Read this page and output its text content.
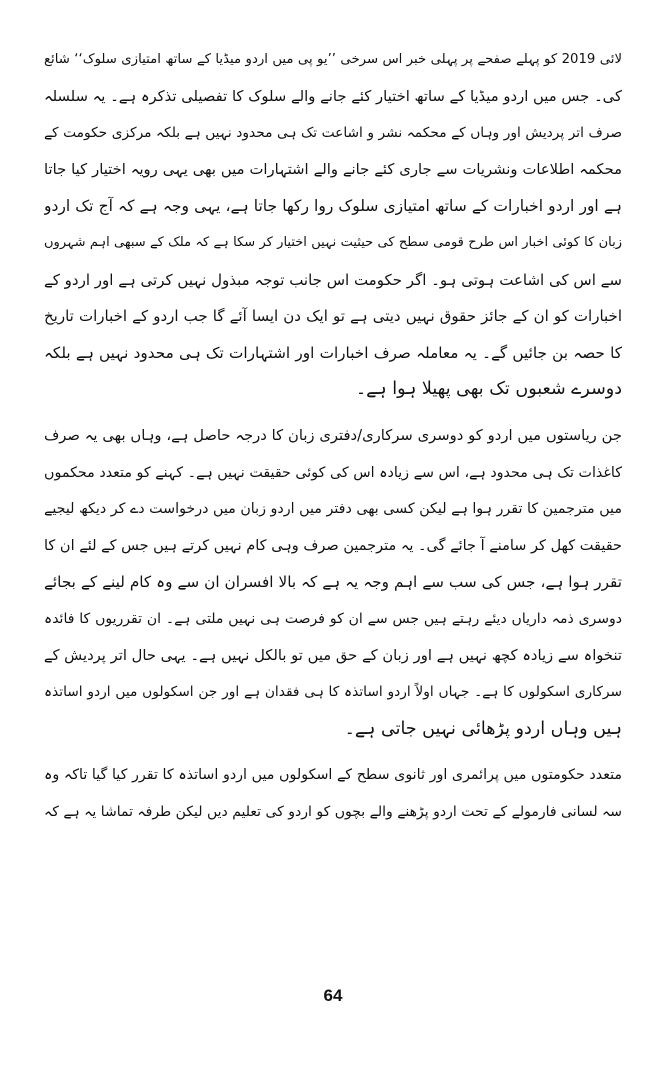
لائی 2019 کو پہلے صفحے پر پہلی خبر اس سرخی ’’یو پی میں اردو میڈیا کے ساتھ امتیازی سلوک‘‘ شائع
کی۔ جس میں اردو میڈیا کے ساتھ اختیار کئے جانے والے سلوک کا تفصیلی تذکرہ ہے۔ یہ سلسلہ
صرف اتر پردیش اور وہاں کے محکمہ نشر و اشاعت تک ہی محدود نہیں ہے بلکہ مرکزی حکومت کے
محکمہ اطلاعات ونشریات سے جاری کئے جانے والے اشتہارات میں بھی یہی رویہ اختیار کیا جاتا
ہے اور اردو اخبارات کے ساتھ امتیازی سلوک روا رکھا جاتا ہے، یہی وجہ ہے کہ آج تک اردو
زبان کا کوئی اخبار اس طرح قومی سطح کی حیثیت نہیں اختیار کر سکا ہے کہ ملک کے سبھی اہم شہروں
سے اس کی اشاعت ہوتی ہو۔ اگر حکومت اس جانب توجہ مبذول نہیں کرتی ہے اور اردو کے
اخبارات کو ان کے جائز حقوق نہیں دیتی ہے تو ایک دن ایسا آئے گا جب اردو کے اخبارات تاریخ
کا حصہ بن جائیں گے۔ یہ معاملہ صرف اخبارات اور اشتہارات تک ہی محدود نہیں ہے بلکہ
دوسرے شعبوں تک بھی پھیلا ہوا ہے۔
جن ریاستوں میں اردو کو دوسری سرکاری/دفتری زبان کا درجہ حاصل ہے، وہاں بھی یہ صرف
کاغذات تک ہی محدود ہے، اس سے زیادہ اس کی کوئی حقیقت نہیں ہے۔ کہنے کو متعدد محکموں
میں مترجمین کا تقرر ہوا ہے لیکن کسی بھی دفتر میں اردو زبان میں درخواست دے کر دیکھ لیجیے
حقیقت کھل کر سامنے آ جائے گی۔ یہ مترجمین صرف وہی کام نہیں کرتے ہیں جس کے لئے ان کا
تقرر ہوا ہے، جس کی سب سے اہم وجہ یہ ہے کہ بالا افسران ان سے وہ کام لینے کے بجائے
دوسری ذمہ داریاں دیئے رہتے ہیں جس سے ان کو فرصت ہی نہیں ملتی ہے۔ ان تقرریوں کا فائدہ
تنخواہ سے زیادہ کچھ نہیں ہے اور زبان کے حق میں تو بالکل نہیں ہے۔ یہی حال اتر پردیش کے
سرکاری اسکولوں کا ہے۔ جہاں اولاً اردو اساتذہ کا ہی فقدان ہے اور جن اسکولوں میں اردو اساتذہ
ہیں وہاں اردو پڑھائی نہیں جاتی ہے۔
متعدد حکومتوں میں پرائمری اور ثانوی سطح کے اسکولوں میں اردو اساتذہ کا تقرر کیا گیا تاکہ وہ
سہ لسانی فارمولے کے تحت اردو پڑھنے والے بچوں کو اردو کی تعلیم دیں لیکن طرفہ تماشا یہ ہے کہ
64
